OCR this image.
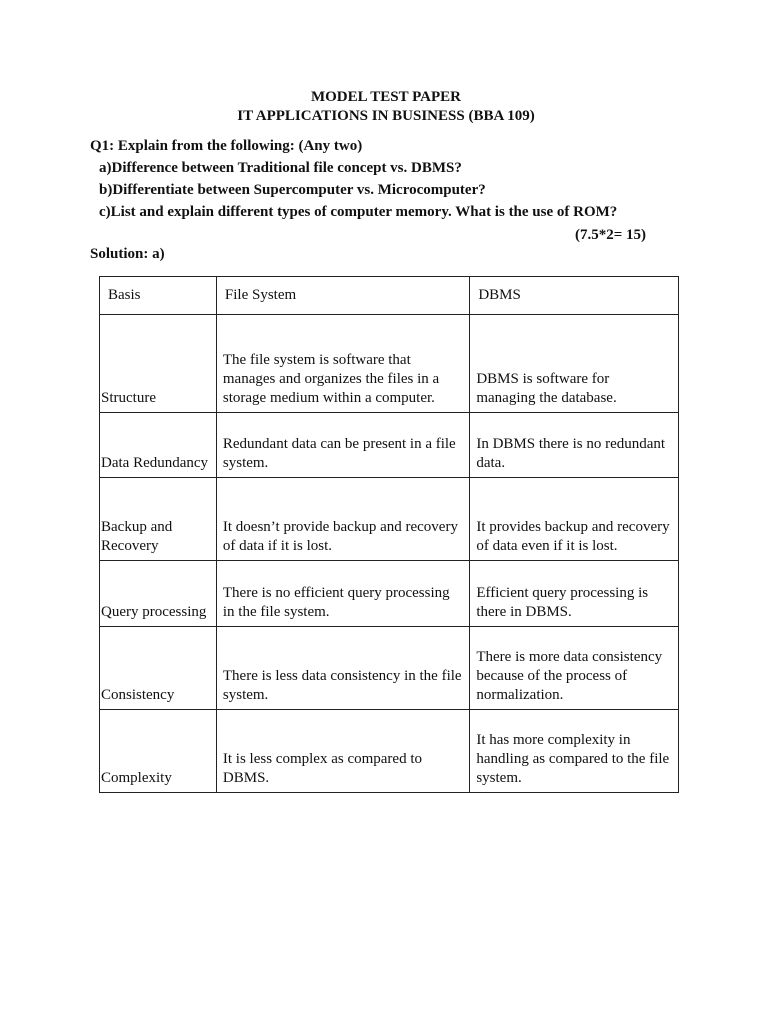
MODEL TEST PAPER
IT APPLICATIONS IN BUSINESS (BBA 109)
Q1: Explain from the following: (Any two)
a)Difference between Traditional file concept vs. DBMS?
b)Differentiate between Supercomputer vs. Microcomputer?
c)List and explain different types of computer memory. What is the use of ROM?
(7.5*2= 15)
Solution: a)
Basis	File System	DBMS
Structure	The file system is software that manages and organizes the files in a storage medium within a computer.	DBMS is software for managing the database.
Data Redundancy	Redundant data can be present in a file system.	In DBMS there is no redundant data.
Backup and Recovery	It doesn’t provide backup and recovery of data if it is lost.	It provides backup and recovery of data even if it is lost.
Query processing	There is no efficient query processing in the file system.	Efficient query processing is there in DBMS.
Consistency	There is less data consistency in the file system.	There is more data consistency because of the process of normalization.
Complexity	It is less complex as compared to DBMS.	It has more complexity in handling as compared to the file system.
